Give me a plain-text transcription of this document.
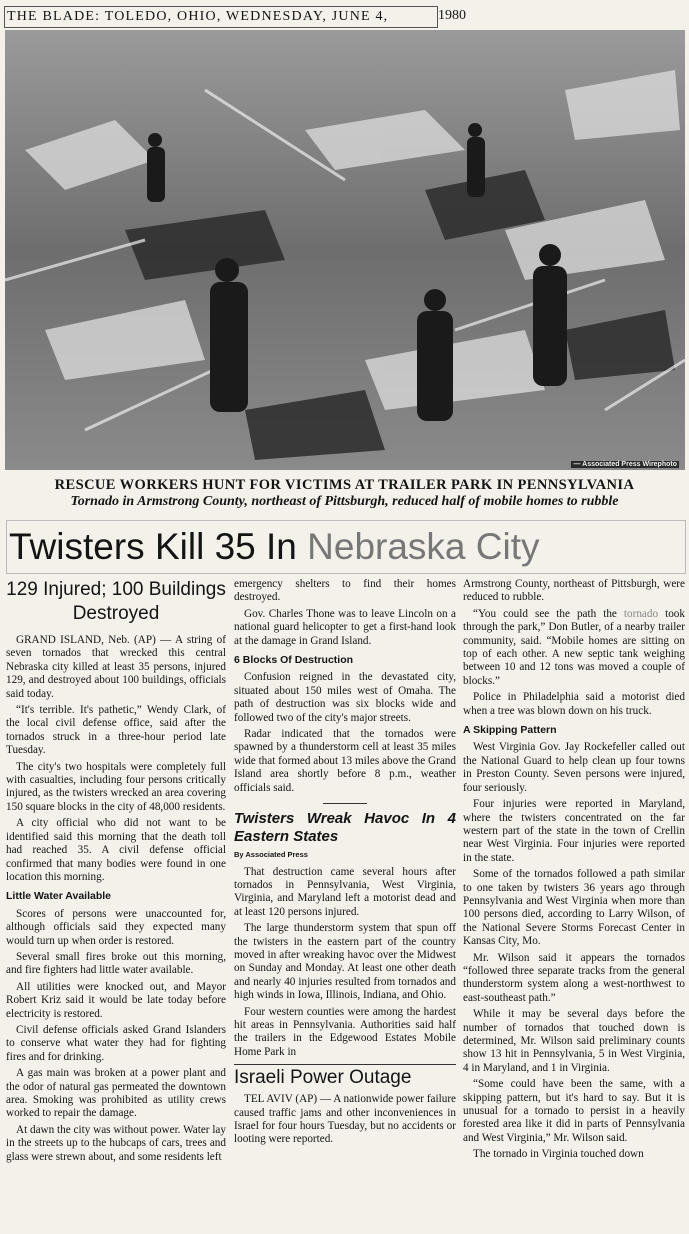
THE BLADE: TOLEDO, OHIO, WEDNESDAY, JUNE 4,	1980
— Associated Press Wirephoto
RESCUE WORKERS HUNT FOR VICTIMS AT TRAILER PARK IN PENNSYLVANIA
Tornado in Armstrong County, northeast of Pittsburgh, reduced half of mobile homes to rubble
Twisters Kill 35 In Nebraska City
129 Injured; 100 Buildings Destroyed

GRAND ISLAND, Neb. (AP) — A string of seven tornados that wrecked this central Nebraska city killed at least 35 persons, injured 129, and destroyed about 100 buildings, officials said today.

“It's terrible. It's pathetic,” Wendy Clark, of the local civil defense office, said after the tornados struck in a three-hour period late Tuesday.

The city's two hospitals were completely full with casualties, including four persons critically injured, as the twisters wrecked an area covering 150 square blocks in the city of 48,000 residents.

A city official who did not want to be identified said this morning that the death toll had reached 35. A civil defense official confirmed that many bodies were found in one location this morning.

Little Water Available

Scores of persons were unaccounted for, although officials said they expected many would turn up when order is restored.

Several small fires broke out this morning, and fire fighters had little water available.

All utilities were knocked out, and Mayor Robert Kriz said it would be late today before electricity is restored.

Civil defense officials asked Grand Islanders to conserve what water they had for fighting fires and for drinking.

A gas main was broken at a power plant and the odor of natural gas permeated the downtown area. Smoking was prohibited as utility crews worked to repair the damage.

At dawn the city was without power. Water lay in the streets up to the hubcaps of cars, trees and glass were strewn about, and some residents left

emergency shelters to find their homes destroyed.

Gov. Charles Thone was to leave Lincoln on a national guard helicopter to get a first-hand look at the damage in Grand Island.

6 Blocks Of Destruction

Confusion reigned in the devastated city, situated about 150 miles west of Omaha. The path of destruction was six blocks wide and followed two of the city's major streets.

Radar indicated that the tornados were spawned by a thunderstorm cell at least 35 miles wide that formed about 13 miles above the Grand Island area shortly before 8 p.m., weather officials said.

Twisters Wreak Havoc In 4 Eastern States
By Associated Press

That destruction came several hours after tornados in Pennsylvania, West Virginia, Virginia, and Maryland left a motorist dead and at least 120 persons injured.

The large thunderstorm system that spun off the twisters in the eastern part of the country moved in after wreaking havoc over the Midwest on Sunday and Monday. At least one other death and nearly 40 injuries resulted from tornados and high winds in Iowa, Illinois, Indiana, and Ohio.

Four western counties were among the hardest hit areas in Pennsylvania. Authorities said half the trailers in the Edgewood Estates Mobile Home Park in

Israeli Power Outage

TEL AVIV (AP) — A nationwide power failure caused traffic jams and other inconveniences in Israel for four hours Tuesday, but no accidents or looting were reported.

Armstrong County, northeast of Pittsburgh, were reduced to rubble.

“You could see the path the tornado took through the park,” Don Butler, of a nearby trailer community, said. “Mobile homes are sitting on top of each other. A new septic tank weighing between 10 and 12 tons was moved a couple of blocks.”

Police in Philadelphia said a motorist died when a tree was blown down on his truck.

A Skipping Pattern

West Virginia Gov. Jay Rockefeller called out the National Guard to help clean up four towns in Preston County. Seven persons were injured, four seriously.

Four injuries were reported in Maryland, where the twisters concentrated on the far western part of the state in the town of Crellin near West Virginia. Four injuries were reported in the state.

Some of the tornados followed a path similar to one taken by twisters 36 years ago through Pennsylvania and West Virginia when more than 100 persons died, according to Larry Wilson, of the National Severe Storms Forecast Center in Kansas City, Mo.

Mr. Wilson said it appears the tornados “followed three separate tracks from the general thunderstorm system along a west-northwest to east-southeast path.”

While it may be several days before the number of tornados that touched down is determined, Mr. Wilson said preliminary counts show 13 hit in Pennsylvania, 5 in West Virginia, 4 in Maryland, and 1 in Virginia.

“Some could have been the same, with a skipping pattern, but it's hard to say. But it is unusual for a tornado to persist in a heavily forested area like it did in parts of Pennsylvania and West Virginia,” Mr. Wilson said.

The tornado in Virginia touched down
